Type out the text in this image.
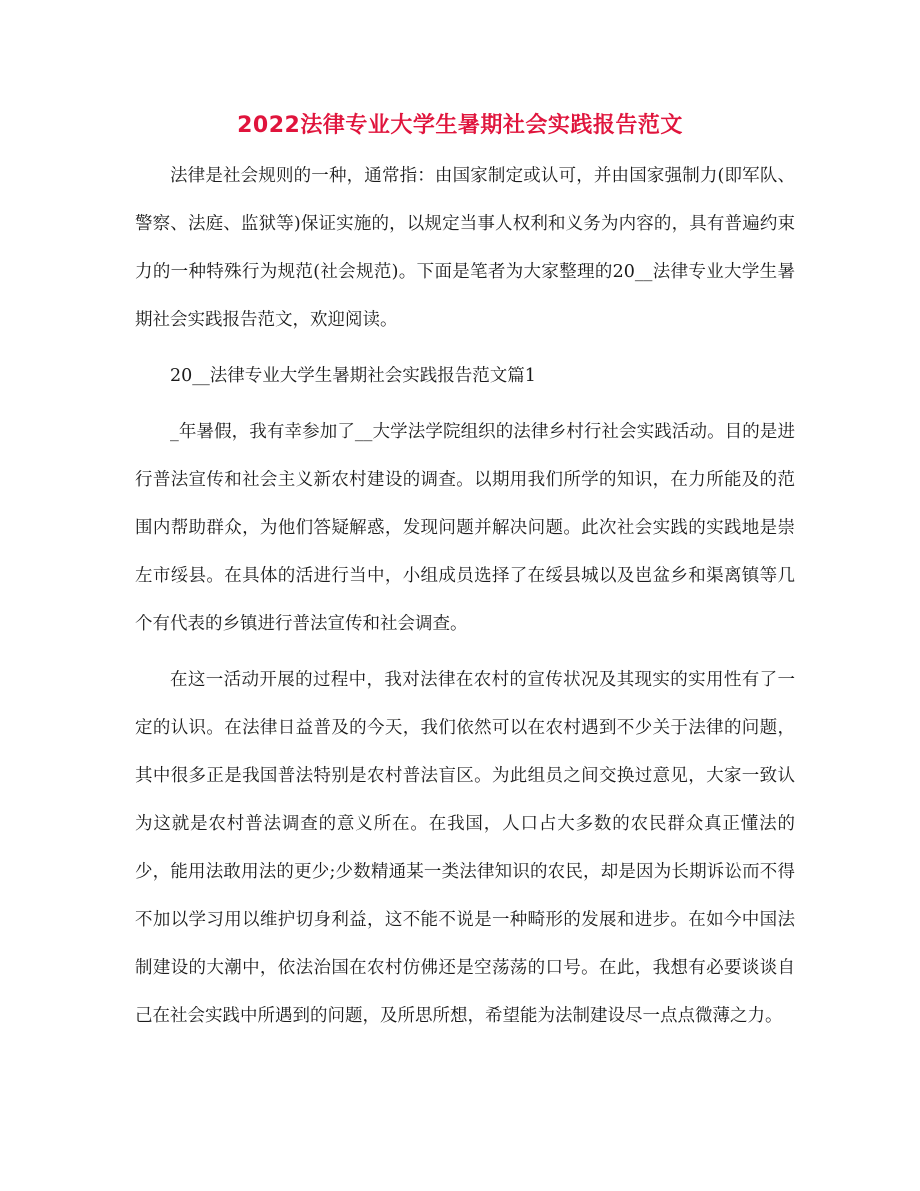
2022法律专业大学生暑期社会实践报告范文

法律是社会规则的一种，通常指：由国家制定或认可，并由国家强制力(即军队、警察、法庭、监狱等)保证实施的，以规定当事人权利和义务为内容的，具有普遍约束力的一种特殊行为规范(社会规范)。下面是笔者为大家整理的20__法律专业大学生暑期社会实践报告范文，欢迎阅读。

20__法律专业大学生暑期社会实践报告范文篇1

_年暑假，我有幸参加了__大学法学院组织的法律乡村行社会实践活动。目的是进行普法宣传和社会主义新农村建设的调查。以期用我们所学的知识，在力所能及的范围内帮助群众，为他们答疑解惑，发现问题并解决问题。此次社会实践的实践地是崇左市绥县。在具体的活进行当中，小组成员选择了在绥县城以及岜盆乡和渠离镇等几个有代表的乡镇进行普法宣传和社会调查。

在这一活动开展的过程中，我对法律在农村的宣传状况及其现实的实用性有了一定的认识。在法律日益普及的今天，我们依然可以在农村遇到不少关于法律的问题，其中很多正是我国普法特别是农村普法盲区。为此组员之间交换过意见，大家一致认为这就是农村普法调查的意义所在。在我国，人口占大多数的农民群众真正懂法的少，能用法敢用法的更少;少数精通某一类法律知识的农民，却是因为长期诉讼而不得不加以学习用以维护切身利益，这不能不说是一种畸形的发展和进步。在如今中国法制建设的大潮中，依法治国在农村仿佛还是空荡荡的口号。在此，我想有必要谈谈自己在社会实践中所遇到的问题，及所思所想，希望能为法制建设尽一点点微薄之力。
